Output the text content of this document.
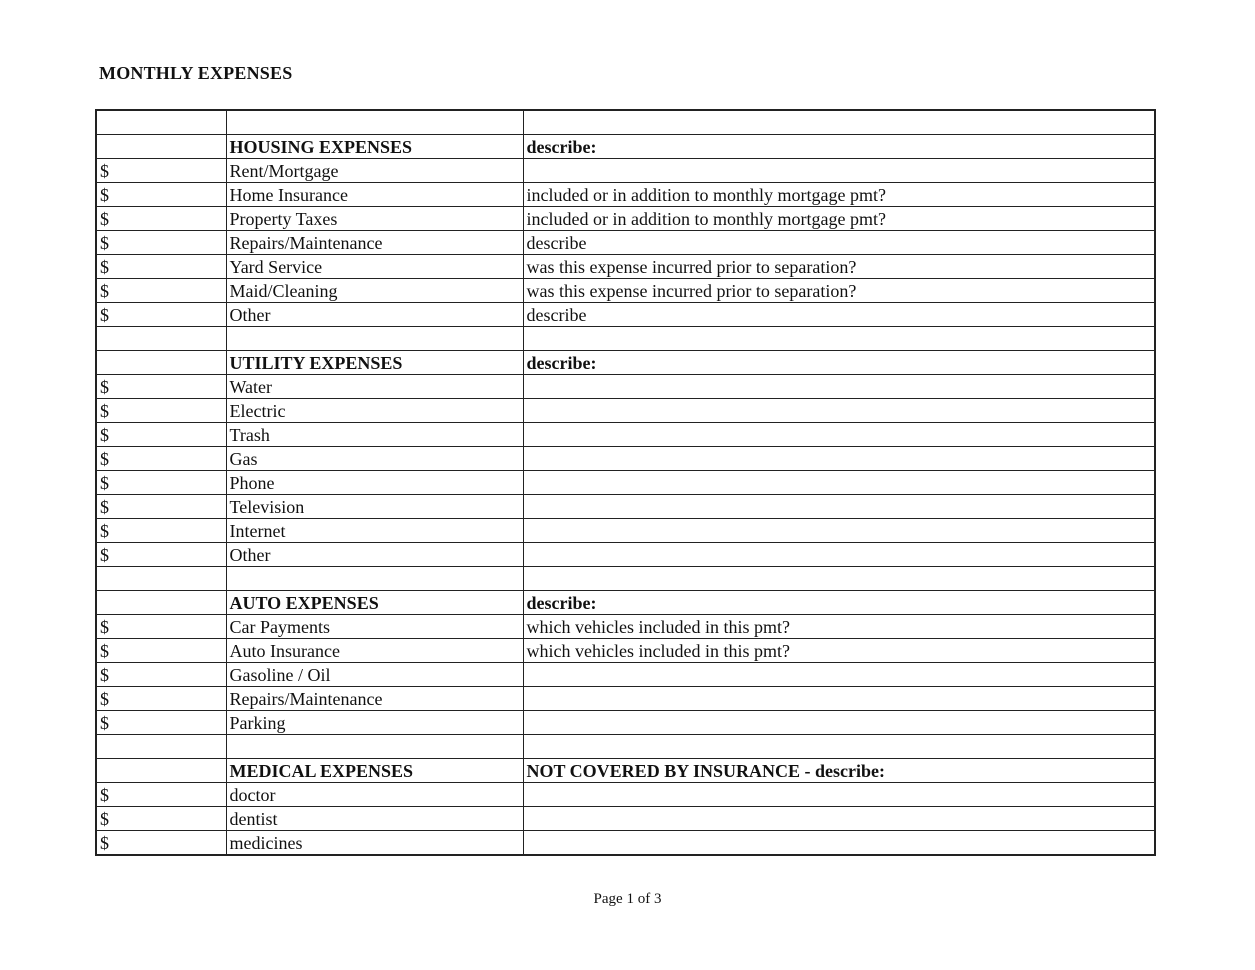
MONTHLY EXPENSES

	HOUSING EXPENSES	describe:
$	Rent/Mortgage	
$	Home Insurance	included or in addition to monthly mortgage pmt?
$	Property Taxes	included or in addition to monthly mortgage pmt?
$	Repairs/Maintenance	describe
$	Yard Service	was this expense incurred prior to separation?
$	Maid/Cleaning	was this expense incurred prior to separation?
$	Other	describe

	UTILITY EXPENSES	describe:
$	Water	
$	Electric	
$	Trash	
$	Gas	
$	Phone	
$	Television	
$	Internet	
$	Other	

	AUTO EXPENSES	describe:
$	Car Payments	which vehicles included in this pmt?
$	Auto Insurance	which vehicles included in this pmt?
$	Gasoline / Oil	
$	Repairs/Maintenance	
$	Parking	

	MEDICAL EXPENSES	NOT COVERED BY INSURANCE - describe:
$	doctor	
$	dentist	
$	medicines	
Page 1 of 3
